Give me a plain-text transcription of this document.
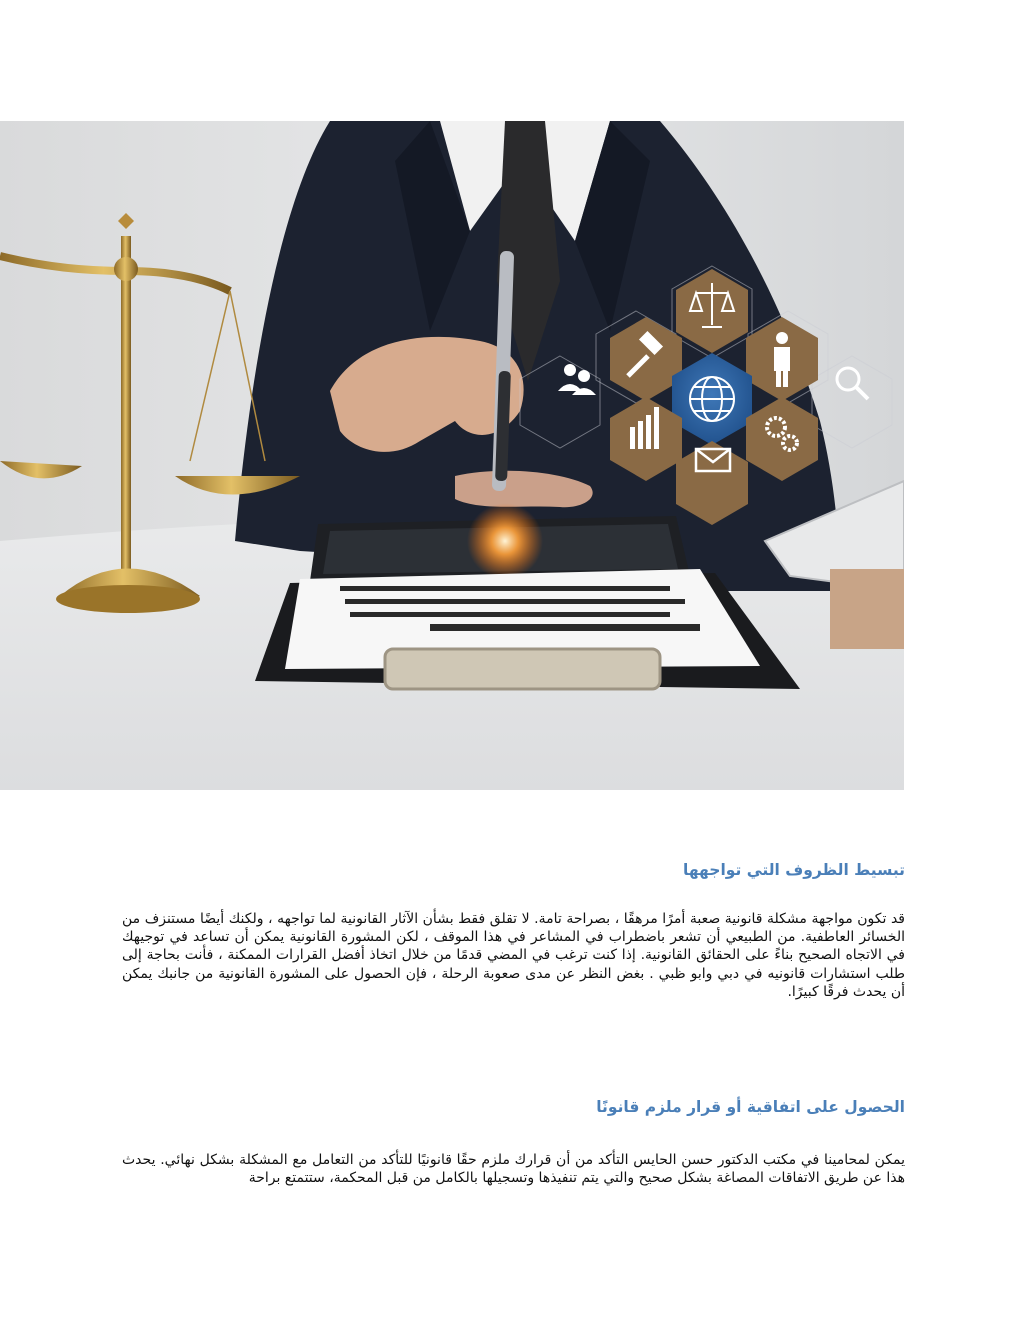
تبسيط الظروف التي تواجهها

قد تكون مواجهة مشكلة قانونية صعبة أمرًا مرهقًا ، بصراحة تامة. لا تقلق فقط بشأن الآثار القانونية لما تواجهه ، ولكنك أيضًا مستنزف من الخسائر العاطفية. من الطبيعي أن تشعر باضطراب في المشاعر في هذا الموقف ، لكن المشورة القانونية يمكن أن تساعد في توجيهك في الاتجاه الصحيح بناءً على الحقائق القانونية. إذا كنت ترغب في المضي قدمًا من خلال اتخاذ أفضل القرارات الممكنة ، فأنت بحاجة إلى طلب استشارات قانونيه في دبي وابو ظبي . بغض النظر عن مدى صعوبة الرحلة ، فإن الحصول على المشورة القانونية من جانبك يمكن أن يحدث فرقًا كبيرًا.

الحصول على اتفاقية أو قرار ملزم قانونًا

يمكن لمحامينا في مكتب الدكتور حسن الحايس التأكد من أن قرارك ملزم حقًا قانونيًا للتأكد من التعامل مع المشكلة بشكل نهائي. يحدث هذا عن طريق الاتفاقات المصاغة بشكل صحيح والتي يتم تنفيذها وتسجيلها بالكامل من قبل المحكمة، ستتمتع براحة
